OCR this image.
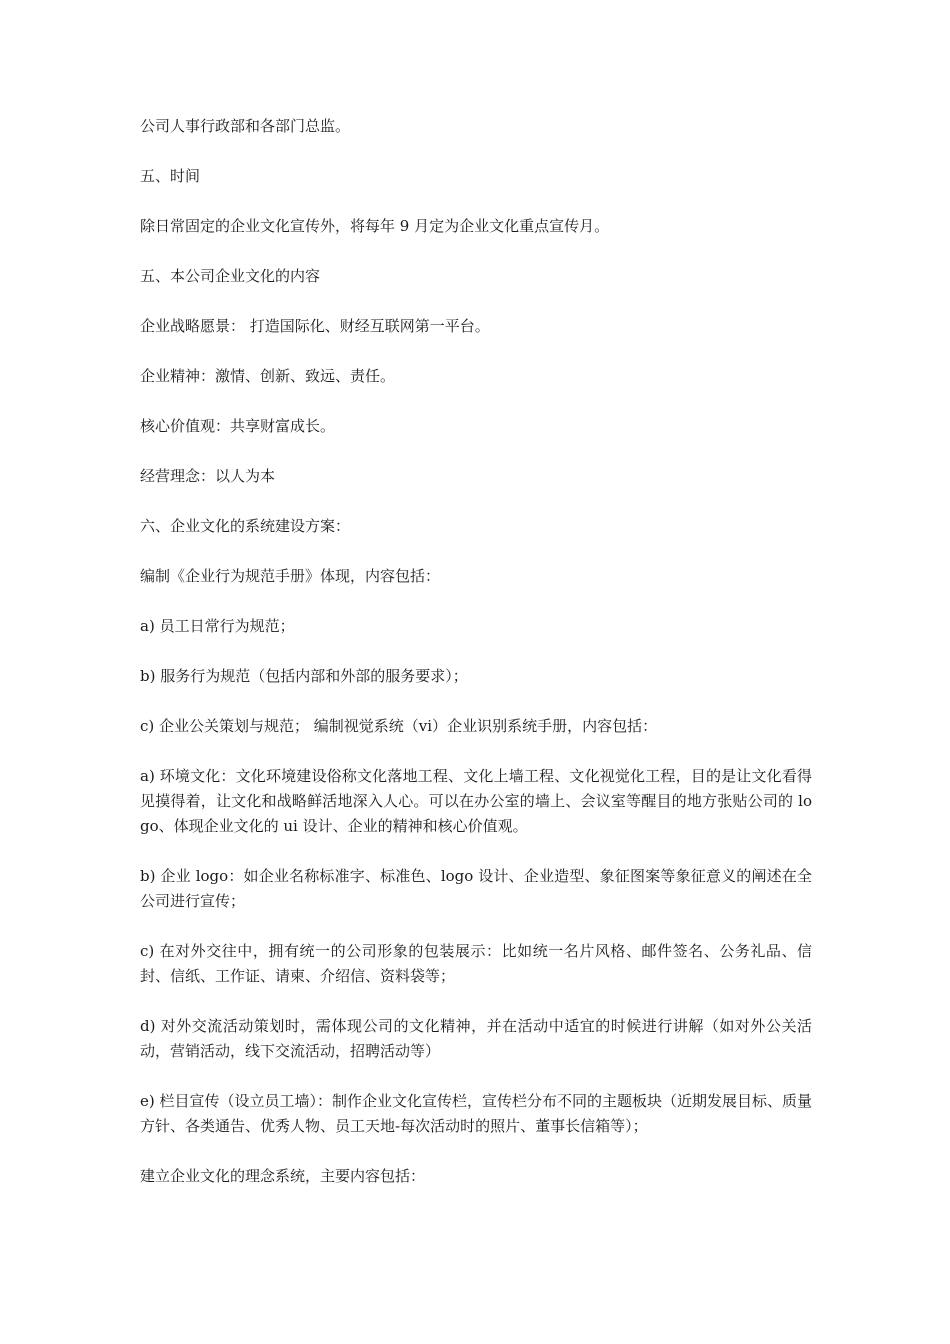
公司人事行政部和各部门总监。

五、时间

除日常固定的企业文化宣传外，将每年 9 月定为企业文化重点宣传月。

五、本公司企业文化的内容

企业战略愿景： 打造国际化、财经互联网第一平台。

企业精神：激情、创新、致远、责任。

核心价值观：共享财富成长。

经营理念：以人为本

六、企业文化的系统建设方案：

编制《企业行为规范手册》体现，内容包括：

a) 员工日常行为规范；

b) 服务行为规范（包括内部和外部的服务要求）；

c) 企业公关策划与规范； 编制视觉系统（vi）企业识别系统手册，内容包括：

a) 环境文化：文化环境建设俗称文化落地工程、文化上墙工程、文化视觉化工程，目的是让文化看得见摸得着，让文化和战略鲜活地深入人心。可以在办公室的墙上、会议室等醒目的地方张贴公司的 logo、体现企业文化的 ui 设计、企业的精神和核心价值观。

b) 企业 logo：如企业名称标准字、标准色、logo 设计、企业造型、象征图案等象征意义的阐述在全公司进行宣传；

c) 在对外交往中，拥有统一的公司形象的包装展示：比如统一名片风格、邮件签名、公务礼品、信封、信纸、工作证、请柬、介绍信、资料袋等；

d) 对外交流活动策划时，需体现公司的文化精神，并在活动中适宜的时候进行讲解（如对外公关活动，营销活动，线下交流活动，招聘活动等）

e) 栏目宣传（设立员工墙）：制作企业文化宣传栏，宣传栏分布不同的主题板块（近期发展目标、质量方针、各类通告、优秀人物、员工天地-每次活动时的照片、董事长信箱等）；

建立企业文化的理念系统，主要内容包括：
